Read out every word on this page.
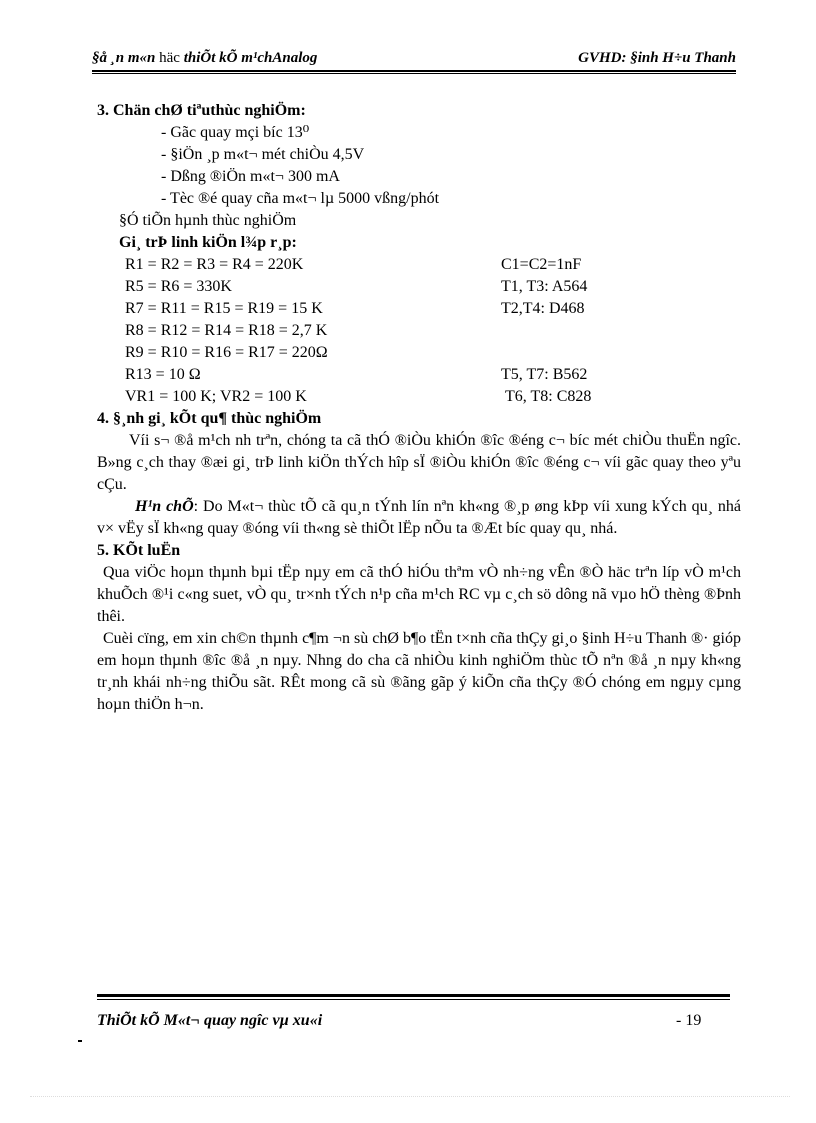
§å ¸n m«n häc thiÕt kÕ m¹chAnalog	GVHD: §inh H÷u Thanh

3. Chän chØ tiªuthùc nghiÖm:

- Gãc quay mçi bíc 13⁰

- §iÖn ¸p m«t¬ mét chiÒu 4,5V

- Dßng ®iÖn m«t¬ 300 mA

- Tèc ®é quay cña m«t¬ lµ 5000 vßng/phót

§Ó tiÕn hµnh thùc nghiÖm

Gi¸ trÞ linh kiÖn l¾p r¸p:

R1 = R2 = R3 = R4 = 220K	C1=C2=1nF
R5 = R6 = 330K	T1, T3: A564
R7 = R11 = R15 = R19 = 15 K	T2,T4: D468
R8 = R12 = R14 = R18 = 2,7 K
R9 = R10 = R16 = R17 = 220Ω
R13 = 10 Ω	T5, T7: B562
VR1 = 100 K; VR2 = 100 K	T6, T8: C828

4. §¸nh gi¸ kÕt qu¶ thùc nghiÖm

Víi s¬ ®å m¹ch nh trªn, chóng ta cã thÓ ®iÒu khiÓn ®îc ®éng c¬ bíc mét chiÒu thuËn ngîc. B»ng c¸ch thay ®æi gi¸ trÞ linh kiÖn thÝch hîp sÏ ®iÒu khiÓn ®îc ®éng c¬ víi gãc quay theo yªu cÇu.

H¹n chÕ: Do M«t¬ thùc tÕ cã qu¸n tÝnh lín nªn kh«ng ®¸p øng kÞp víi xung kÝch qu¸ nhá v× vËy sÏ kh«ng quay ®óng víi th«ng sè thiÕt lËp nÕu ta ®Æt bíc quay qu¸ nhá.

5. KÕt luËn

Qua viÖc hoµn thµnh bµi tËp nµy em cã thÓ hiÓu thªm vÒ nh÷ng vÊn ®Ò häc trªn líp vÒ m¹ch khuÕch ®¹i c«ng suet, vÒ qu¸ tr×nh tÝch n¹p cña m¹ch RC vµ c¸ch sö dông nã vµo hÖ thèng ®Þnh thêi.

Cuèi cïng, em xin ch©n thµnh c¶m ¬n sù chØ b¶o tËn t×nh cña thÇy gi¸o §inh H÷u Thanh ®· gióp em hoµn thµnh ®îc ®å ¸n nµy. Nhng do cha cã nhiÒu kinh nghiÖm thùc tÕ nªn ®å ¸n nµy kh«ng tr¸nh khái nh÷ng thiÕu sãt. RÊt mong cã sù ®ãng gãp ý kiÕn cña thÇy ®Ó chóng em ngµy cµng hoµn thiÖn h¬n.

ThiÕt kÕ M«t¬ quay ngîc vµ xu«i	- 19
